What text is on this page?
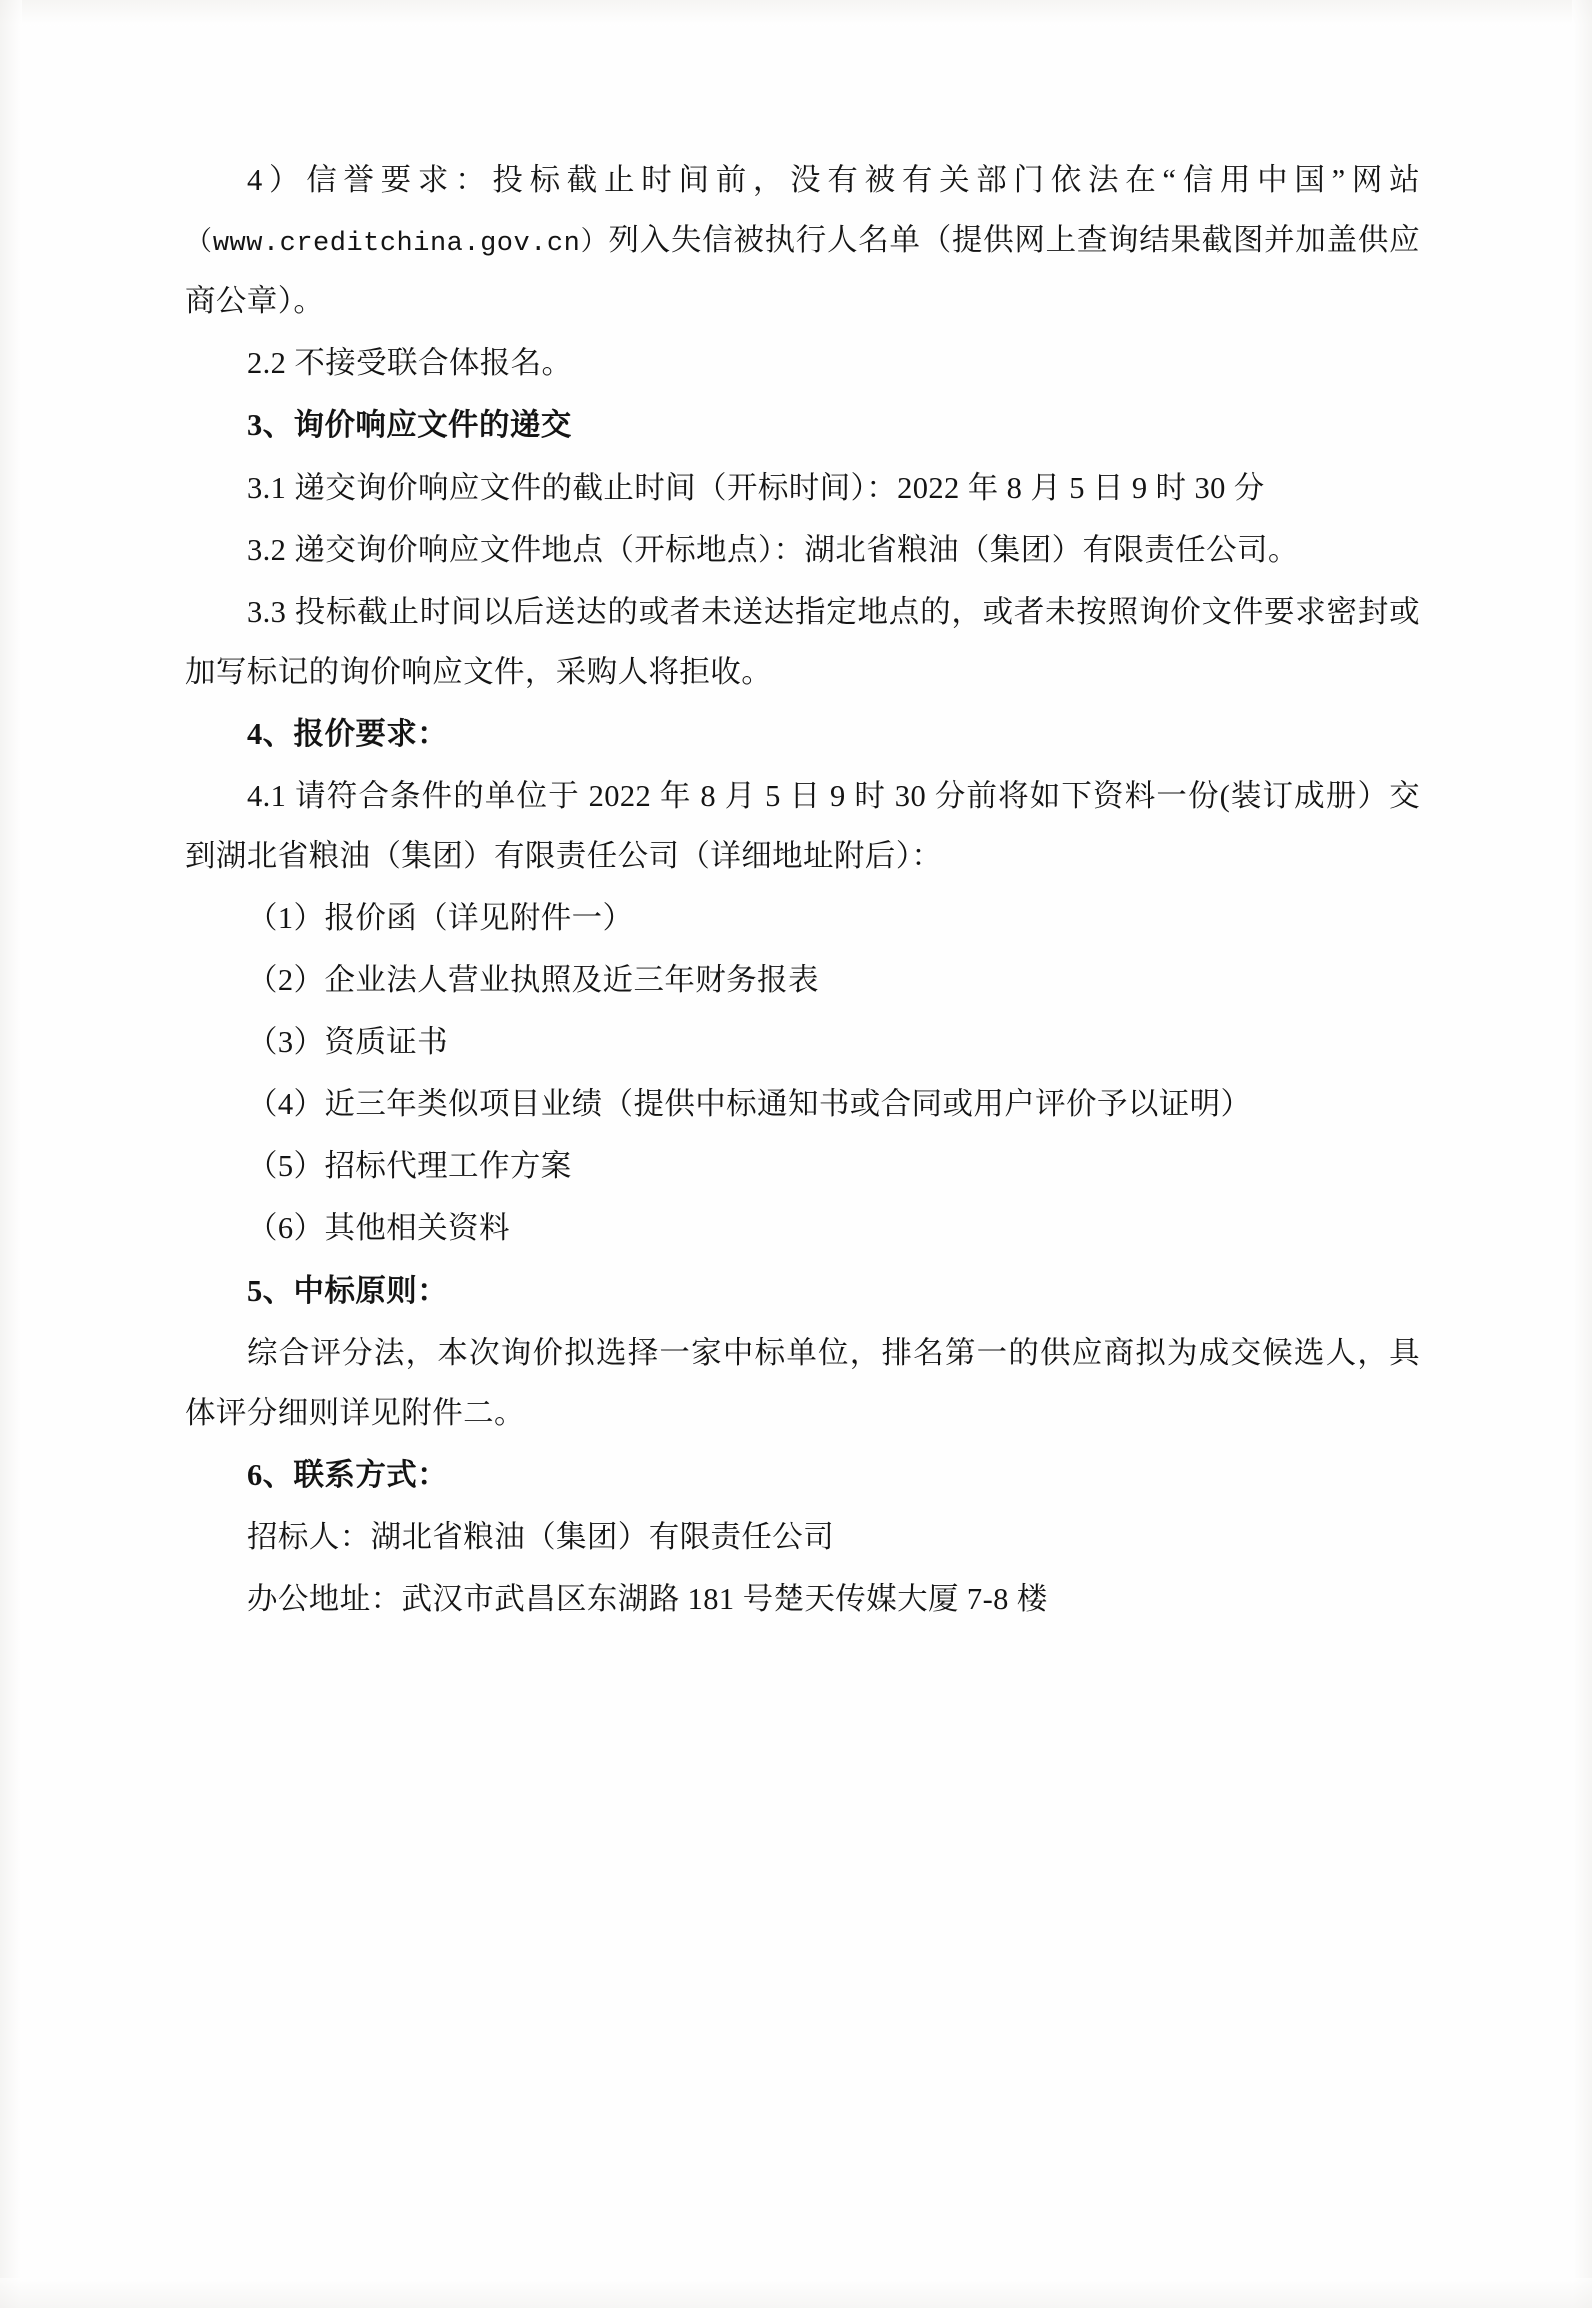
4）信誉要求：投标截止时间前，没有被有关部门依法在“信用中国”网站（www.creditchina.gov.cn）列入失信被执行人名单（提供网上查询结果截图并加盖供应商公章）。
2.2 不接受联合体报名。
3、询价响应文件的递交
3.1 递交询价响应文件的截止时间（开标时间）：2022 年 8 月 5 日 9 时 30 分
3.2 递交询价响应文件地点（开标地点）：湖北省粮油（集团）有限责任公司。
3.3 投标截止时间以后送达的或者未送达指定地点的，或者未按照询价文件要求密封或加写标记的询价响应文件，采购人将拒收。
4、报价要求：
4.1 请符合条件的单位于 2022 年 8 月 5 日 9 时 30 分前将如下资料一份(装订成册）交到湖北省粮油（集团）有限责任公司（详细地址附后）：
（1）报价函（详见附件一）
（2）企业法人营业执照及近三年财务报表
（3）资质证书
（4）近三年类似项目业绩（提供中标通知书或合同或用户评价予以证明）
（5）招标代理工作方案
（6）其他相关资料
5、中标原则：
综合评分法，本次询价拟选择一家中标单位，排名第一的供应商拟为成交候选人，具体评分细则详见附件二。
6、联系方式：
招标人：湖北省粮油（集团）有限责任公司
办公地址：武汉市武昌区东湖路 181 号楚天传媒大厦 7-8 楼
